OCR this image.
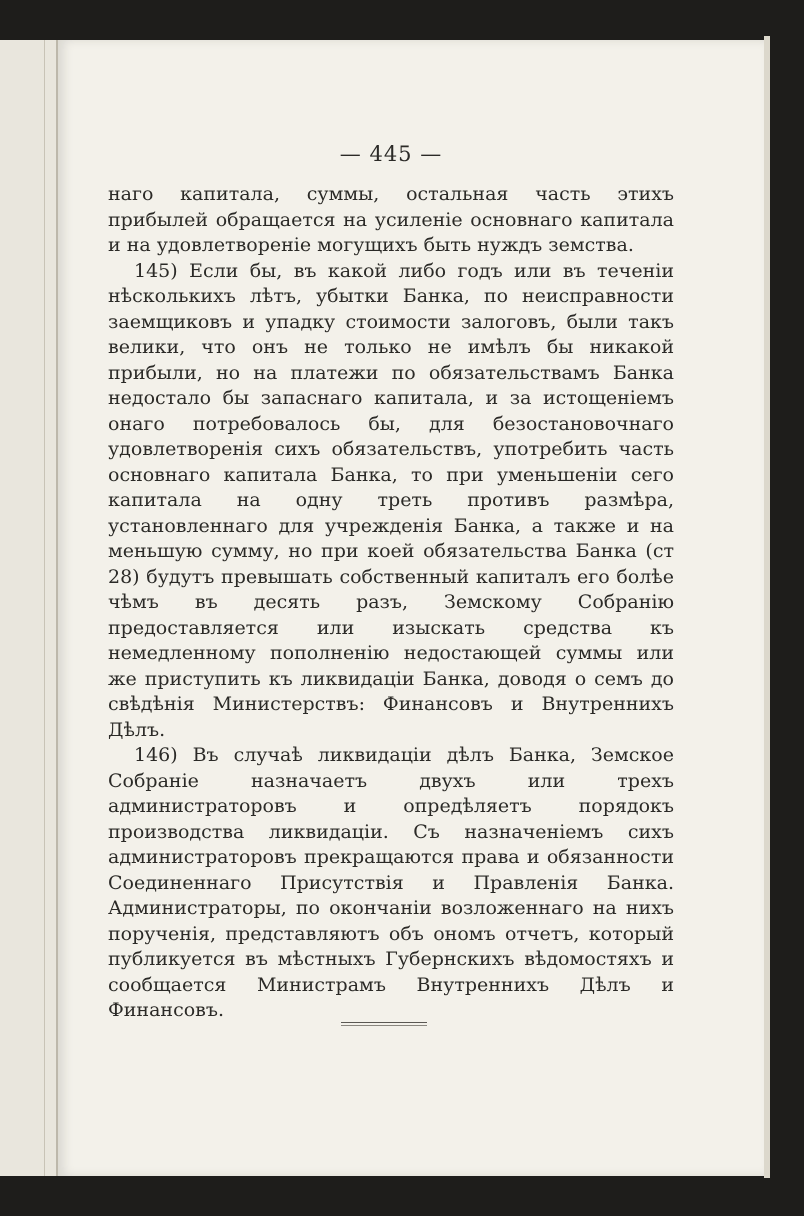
— 445 —

наго капитала, суммы, остальная часть этихъ прибылей обращается на усиленіе основнаго капитала и на удовлетвореніе могущихъ быть нуждъ земства.

145) Если бы, въ какой либо годъ или въ теченіи нѣсколькихъ лѣтъ, убытки Банка, по неисправности заемщиковъ и упадку стоимости залоговъ, были такъ велики, что онъ не только не имѣлъ бы никакой прибыли, но на платежи по обязательствамъ Банка недостало бы запаснаго капитала, и за истощеніемъ онаго потребовалось бы, для безостановочнаго удовлетворенія сихъ обязательствъ, употребить часть основнаго капитала Банка, то при уменьшеніи сего капитала на одну треть противъ размѣра, установленнаго для учрежденія Банка, а также и на меньшую сумму, но при коей обязательства Банка (ст 28) будутъ превышать собственный капиталъ его болѣе чѣмъ въ десять разъ, Земскому Собранію предоставляется или изыскать средства къ немедленному пополненію недостающей суммы или же приступить къ ликвидаціи Банка, доводя о семъ до свѣдѣнія Министерствъ: Финансовъ и Внутреннихъ Дѣлъ.

146) Въ случаѣ ликвидаціи дѣлъ Банка, Земское Собраніе назначаетъ двухъ или трехъ администраторовъ и опредѣляетъ порядокъ производства ликвидаціи. Съ назначеніемъ сихъ администраторовъ прекращаются права и обязанности Соединеннаго Присутствія и Правленія Банка. Администраторы, по окончаніи возложеннаго на нихъ порученія, представляютъ объ ономъ отчетъ, который публикуется въ мѣстныхъ Губернскихъ вѣдомостяхъ и сообщается Министрамъ Внутреннихъ Дѣлъ и Финансовъ.
